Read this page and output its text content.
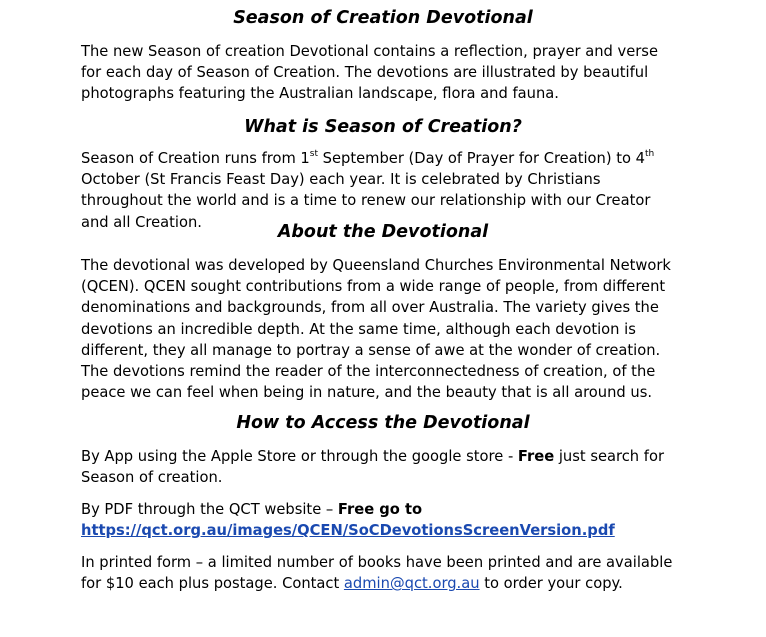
Season of Creation Devotional

The new Season of creation Devotional contains a reflection, prayer and verse for each day of Season of Creation. The devotions are illustrated by beautiful photographs featuring the Australian landscape, flora and fauna.

What is Season of Creation?

Season of Creation runs from 1st September (Day of Prayer for Creation) to 4th October (St Francis Feast Day) each year. It is celebrated by Christians throughout the world and is a time to renew our relationship with our Creator and all Creation.	About the Devotional

The devotional was developed by Queensland Churches Environmental Network (QCEN). QCEN sought contributions from a wide range of people, from different denominations and backgrounds, from all over Australia. The variety gives the devotions an incredible depth. At the same time, although each devotion is different, they all manage to portray a sense of awe at the wonder of creation. The devotions remind the reader of the interconnectedness of creation, of the peace we can feel when being in nature, and the beauty that is all around us.

How to Access the Devotional

By App using the Apple Store or through the google store - Free just search for Season of creation.

By PDF through the QCT website – Free go to
https://qct.org.au/images/QCEN/SoCDevotionsScreenVersion.pdf

In printed form – a limited number of books have been printed and are available for $10 each plus postage. Contact admin@qct.org.au to order your copy.
